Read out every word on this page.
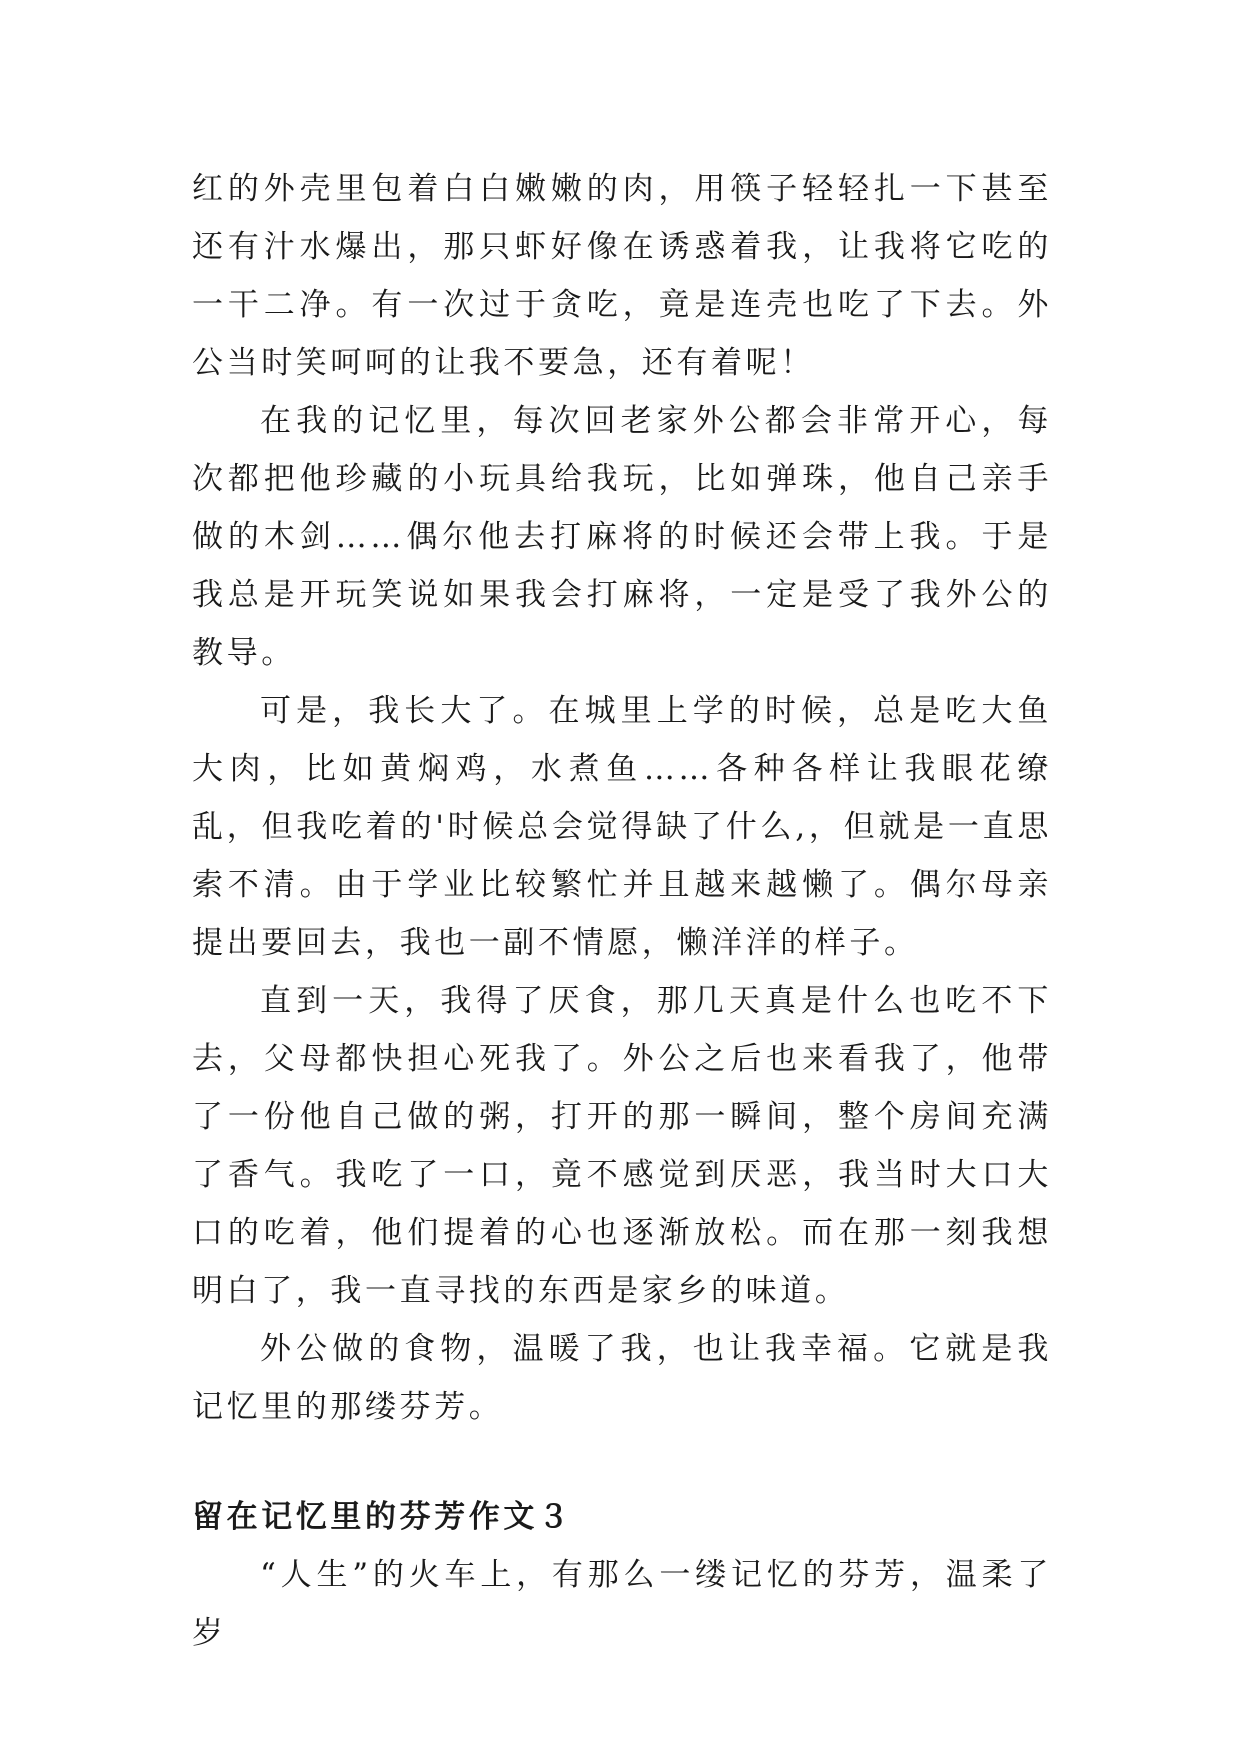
红的外壳里包着白白嫩嫩的肉，用筷子轻轻扎一下甚至还有汁水爆出，那只虾好像在诱惑着我，让我将它吃的一干二净。有一次过于贪吃，竟是连壳也吃了下去。外公当时笑呵呵的让我不要急，还有着呢！

在我的记忆里，每次回老家外公都会非常开心，每次都把他珍藏的小玩具给我玩，比如弹珠，他自己亲手做的木剑……偶尔他去打麻将的时候还会带上我。于是我总是开玩笑说如果我会打麻将，一定是受了我外公的教导。

可是，我长大了。在城里上学的时候，总是吃大鱼大肉，比如黄焖鸡，水煮鱼……各种各样让我眼花缭乱，但我吃着的'时候总会觉得缺了什么,，但就是一直思索不清。由于学业比较繁忙并且越来越懒了。偶尔母亲提出要回去，我也一副不情愿，懒洋洋的样子。

直到一天，我得了厌食，那几天真是什么也吃不下去，父母都快担心死我了。外公之后也来看我了，他带了一份他自己做的粥，打开的那一瞬间，整个房间充满了香气。我吃了一口，竟不感觉到厌恶，我当时大口大口的吃着，他们提着的心也逐渐放松。而在那一刻我想明白了，我一直寻找的东西是家乡的味道。

外公做的食物，温暖了我，也让我幸福。它就是我记忆里的那缕芬芳。

留在记忆里的芬芳作文３

“人生”的火车上，有那么一缕记忆的芬芳，温柔了岁
